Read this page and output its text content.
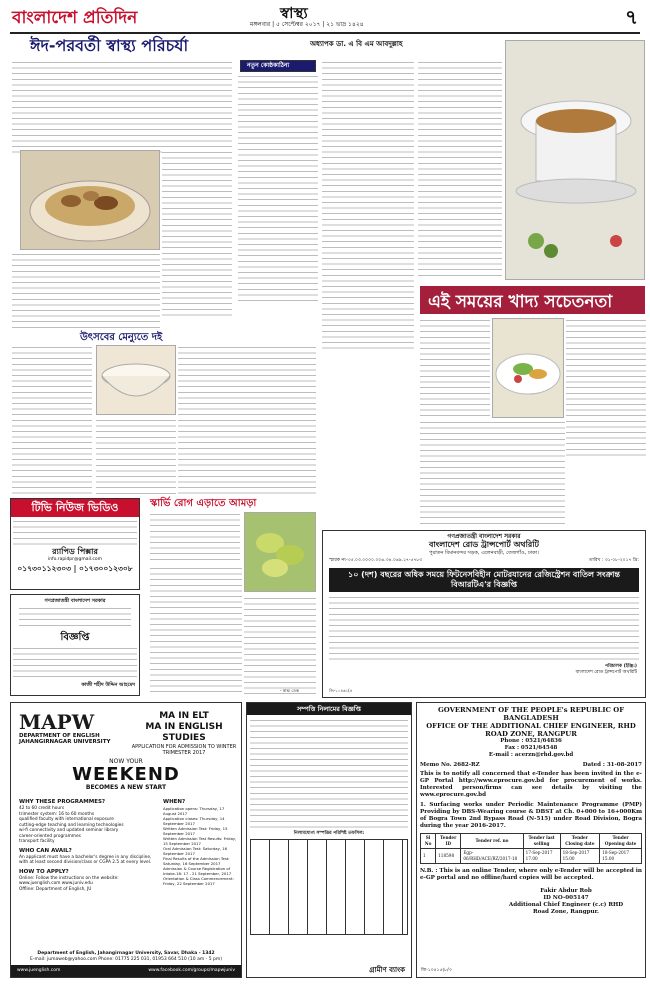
বাংলাদেশ প্রতিদিন	স্বাস্থ্য
মঙ্গলবার | ৫ সেপ্টেম্বর ২০১৭ | ২১ ভাদ্র ১৪২৪	৭
ঈদ-পরবর্তী স্বাস্থ্য পরিচর্যা
নতুন কোষ্ঠকাঠিন্য
অধ্যাপক ডা. এ বি এম আবদুল্লাহ
এই সময়ের খাদ্য সচেতনতা
উৎসবের মেন্যুতে দই
টিভি নিউজ ভিডিও
র‍্যাপিড পিক্সার
info.rapidpr@gmail.com
০১৭৩০১১২৩০৩ | ০১৭৩০০১২৩০৮
গণপ্রজাতন্ত্রী বাংলাদেশ সরকার
বিজ্ঞপ্তি
কাজী শহীদ উদ্দিন আহমেদ
স্কার্ভি রোগ এড়াতে আমড়া
- স্বাস্থ্য ডেস্ক
গণপ্রজাতন্ত্রী বাংলাদেশ সরকার
বাংলাদেশ রোড ট্রান্সপোর্ট অথরিটি
পুরাতন বিমানবন্দর সড়ক, এলেনবাড়ী, তেজগাঁও, ঢাকা।
স্মারক নং-৩৫.০৩.০০০০.০০৬.৩৪.০৬৯.১৭-৫৭৮৩	তারিখ : ৩১-০৮-২০১৭ খ্রি:
১০ (দশ) বছরের অধিক সময়ে ফিটনেসবিহীন মোটরযানের রেজিস্ট্রেশন বাতিল সংক্রান্ত বিআরটিএ'র বিজ্ঞপ্তি
পরিচালক (ইঞ্জি:)
বাংলাদেশ রোড ট্রান্সপোর্ট অথরিটি
জি-১০৪৬১(৪
MAPW
DEPARTMENT OF ENGLISH
JAHANGIRNAGAR UNIVERSITY
MA IN ELT
MA IN ENGLISH STUDIES
APPLICATION FOR ADMISSION TO WINTER TRIMESTER 2017
NOW YOUR
WEEKEND
BECOMES A NEW START
WHY THESE PROGRAMMES?
42 to 60 credit hours
trimester system: 16 to 60 months
qualified faculty with international exposure
cutting-edge teaching and learning technologies
wi-fi connectivity and updated seminar library
career-oriented programmes
transport facility
WHO CAN AVAIL?
An applicant must have a bachelor's degree in any discipline, with at least second division/class or CGPA 2.5 at every level.
HOW TO APPLY?
Online: Follow the instructions on the website: www.juenglish.com www.juniv.edu
Offline: Department of English, JU
WHEN?
Application opens: Thursday, 17 August 2017
Application closes: Thursday, 14 September 2017
Written Admission Test: Friday, 15 September 2017
Written Admission Test Results: Friday, 15 September 2017
Oral Admission Test: Saturday, 16 September 2017
Final Results of the Admission Test: Saturday, 16 September 2017
Admission & Course Registration of Intake-18: 17 - 21 September, 2017
Orientation & Class Commencement: Friday, 22 September 2017
Department of English, Jahangirnagar University, Savar, Dhaka - 1342
E-mail: jumaweb@yahoo.com Phone: 01775 225 031, 01953 664 510 (10 am - 5 pm)
www.juenglish.com	www.facebook.com/groups/mapwjuniv
সম্পত্তি নিলামের বিজ্ঞপ্তি
নিলামযোগ্য সম্পত্তির পরিশিষ্ট তফসিল:
গ্রামীণ ব্যাংক
GOVERNMENT OF THE PEOPLE's REPUBLIC OF BANGLADESH
OFFICE OF THE ADDITIONAL CHIEF ENGINEER, RHD ROAD ZONE, RANGPUR
Phone : 0521/64836
Fax : 0521/64548
E-mail : acerzn@rhd.gov.bd
Memo No. 2682-RZ	Dated : 31-08-2017
This is to notify all concerned that e-Tender has been invited in the e-GP Portal http://www.eprocure.gov.bd for procurement of works. Interested person/firms can see details by visiting the www.eprocure.gov.bd
1. Surfacing works under Periodic Maintenance Programme (PMP) Providing by DBS-Wearing course & DBST at Ch. 0+000 to 16+000Km of Bogra Town 2nd Bypass Road (N-515) under Road Division, Bogra during the year 2016-2017.
Sl No	Tender ID	Tender ref. no	Tender last selling	Tender Closing date	Tender Opening date
1	118598	Egp-06/RHD/ACE/RZ/2017-18	17-Sep-2017 17.00	18-Sep-2017 15.00	18-Sep-2017 15.00
N.B. : This is an online Tender, where only e-Tender will be accepted in e-GP portal and no offline/hard copies will be accepted.
Fakir Abdur Rob
ID NO-005147
Additional Chief Engineer (c.c) RHD
Road Zone, Rangpur.
জি-১০৪১৫(৮/৩
